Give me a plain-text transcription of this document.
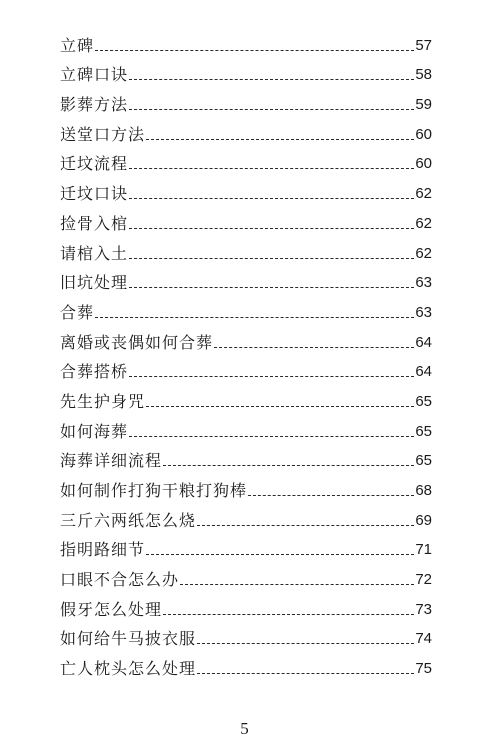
立碑	57
立碑口诀	58
影葬方法	59
送堂口方法	60
迁坟流程	60
迁坟口诀	62
捡骨入棺	62
请棺入土	62
旧坑处理	63
合葬	63
离婚或丧偶如何合葬	64
合葬搭桥	64
先生护身咒	65
如何海葬	65
海葬详细流程	65
如何制作打狗干粮打狗棒	68
三斤六两纸怎么烧	69
指明路细节	71
口眼不合怎么办	72
假牙怎么处理	73
如何给牛马披衣服	74
亡人枕头怎么处理	75
5
